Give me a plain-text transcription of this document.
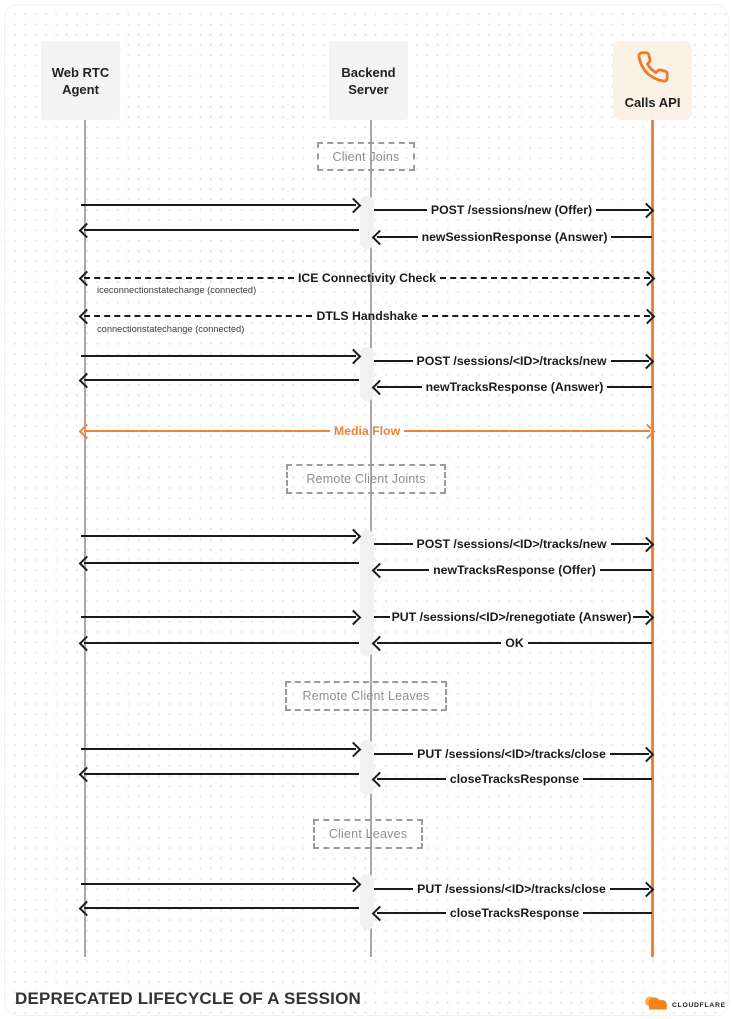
Web RTC
Agent
Backend
Server
Calls API
Client Joins
POST /sessions/new (Offer)
newSessionResponse (Answer)
ICE Connectivity Check
iceconnectionstatechange (connected)
DTLS Handshake
connectionstatechange (connected)
POST /sessions/<ID>/tracks/new
newTracksResponse (Answer)
Media Flow
Remote Client Joints
POST /sessions/<ID>/tracks/new
newTracksResponse (Offer)
PUT /sessions/<ID>/renegotiate (Answer)
OK
Remote Client Leaves
PUT /sessions/<ID>/tracks/close
closeTracksResponse
Client Leaves
PUT /sessions/<ID>/tracks/close
closeTracksResponse
DEPRECATED LIFECYCLE OF A SESSION	CLOUDFLARE
